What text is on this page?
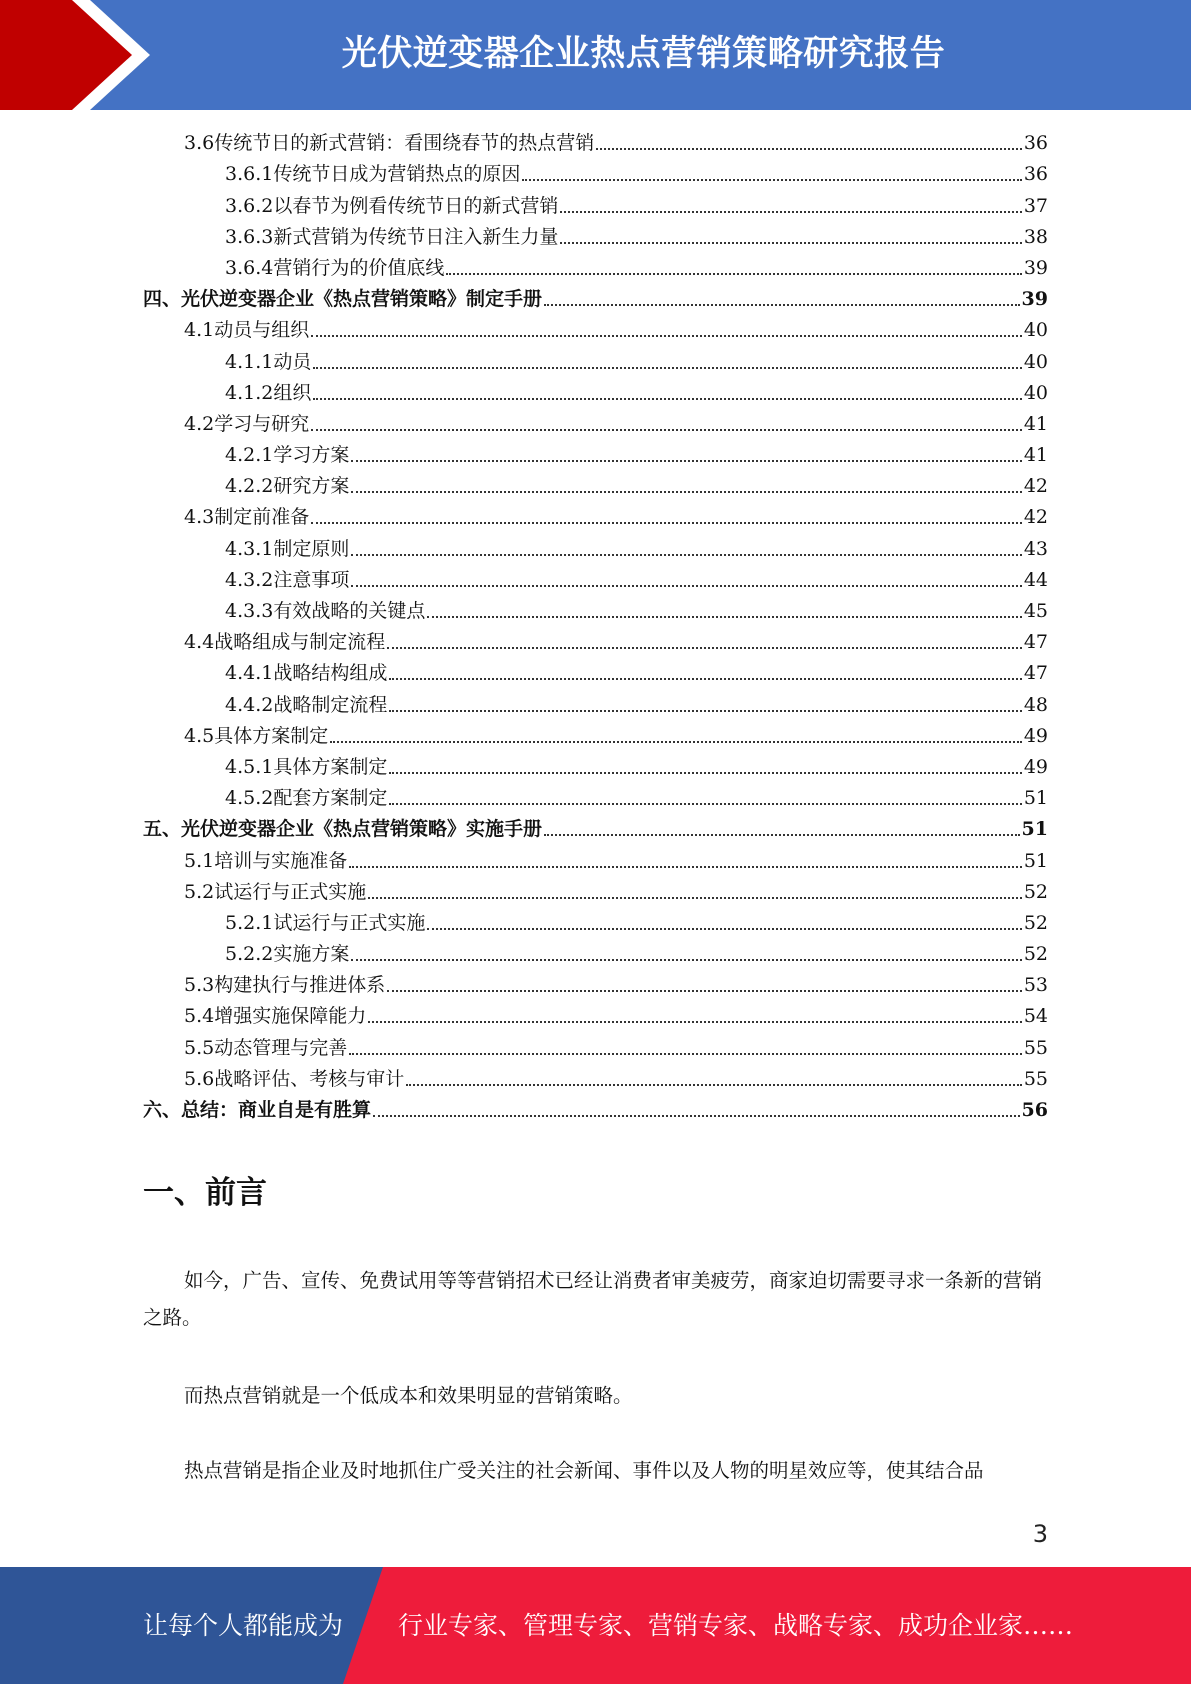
光伏逆变器企业热点营销策略研究报告
3.6 传统节日的新式营销：看围绕春节的热点营销	36
3.6.1 传统节日成为营销热点的原因	36
3.6.2 以春节为例看传统节日的新式营销	37
3.6.3 新式营销为传统节日注入新生力量	38
3.6.4 营销行为的价值底线	39
四、 光伏逆变器企业《热点营销策略》制定手册	39
4.1 动员与组织	40
4.1.1 动员	40
4.1.2 组织	40
4.2 学习与研究	41
4.2.1 学习方案	41
4.2.2 研究方案	42
4.3 制定前准备	42
4.3.1 制定原则	43
4.3.2 注意事项	44
4.3.3 有效战略的关键点	45
4.4 战略组成与制定流程	47
4.4.1 战略结构组成	47
4.4.2 战略制定流程	48
4.5 具体方案制定	49
4.5.1 具体方案制定	49
4.5.2 配套方案制定	51
五、 光伏逆变器企业《热点营销策略》实施手册	51
5.1 培训与实施准备	51
5.2 试运行与正式实施	52
5.2.1 试运行与正式实施	52
5.2.2 实施方案	52
5.3 构建执行与推进体系	53
5.4 增强实施保障能力	54
5.5 动态管理与完善	55
5.6 战略评估、考核与审计	55
六、 总结：商业自是有胜算	56
一、前言
如今，广告、宣传、免费试用等等营销招术已经让消费者审美疲劳，商家迫切需要寻求一条新的营销之路。
而热点营销就是一个低成本和效果明显的营销策略。
热点营销是指企业及时地抓住广受关注的社会新闻、事件以及人物的明星效应等，使其结合品
3
让每个人都能成为 行业专家、管理专家、营销专家、战略专家、成功企业家……
